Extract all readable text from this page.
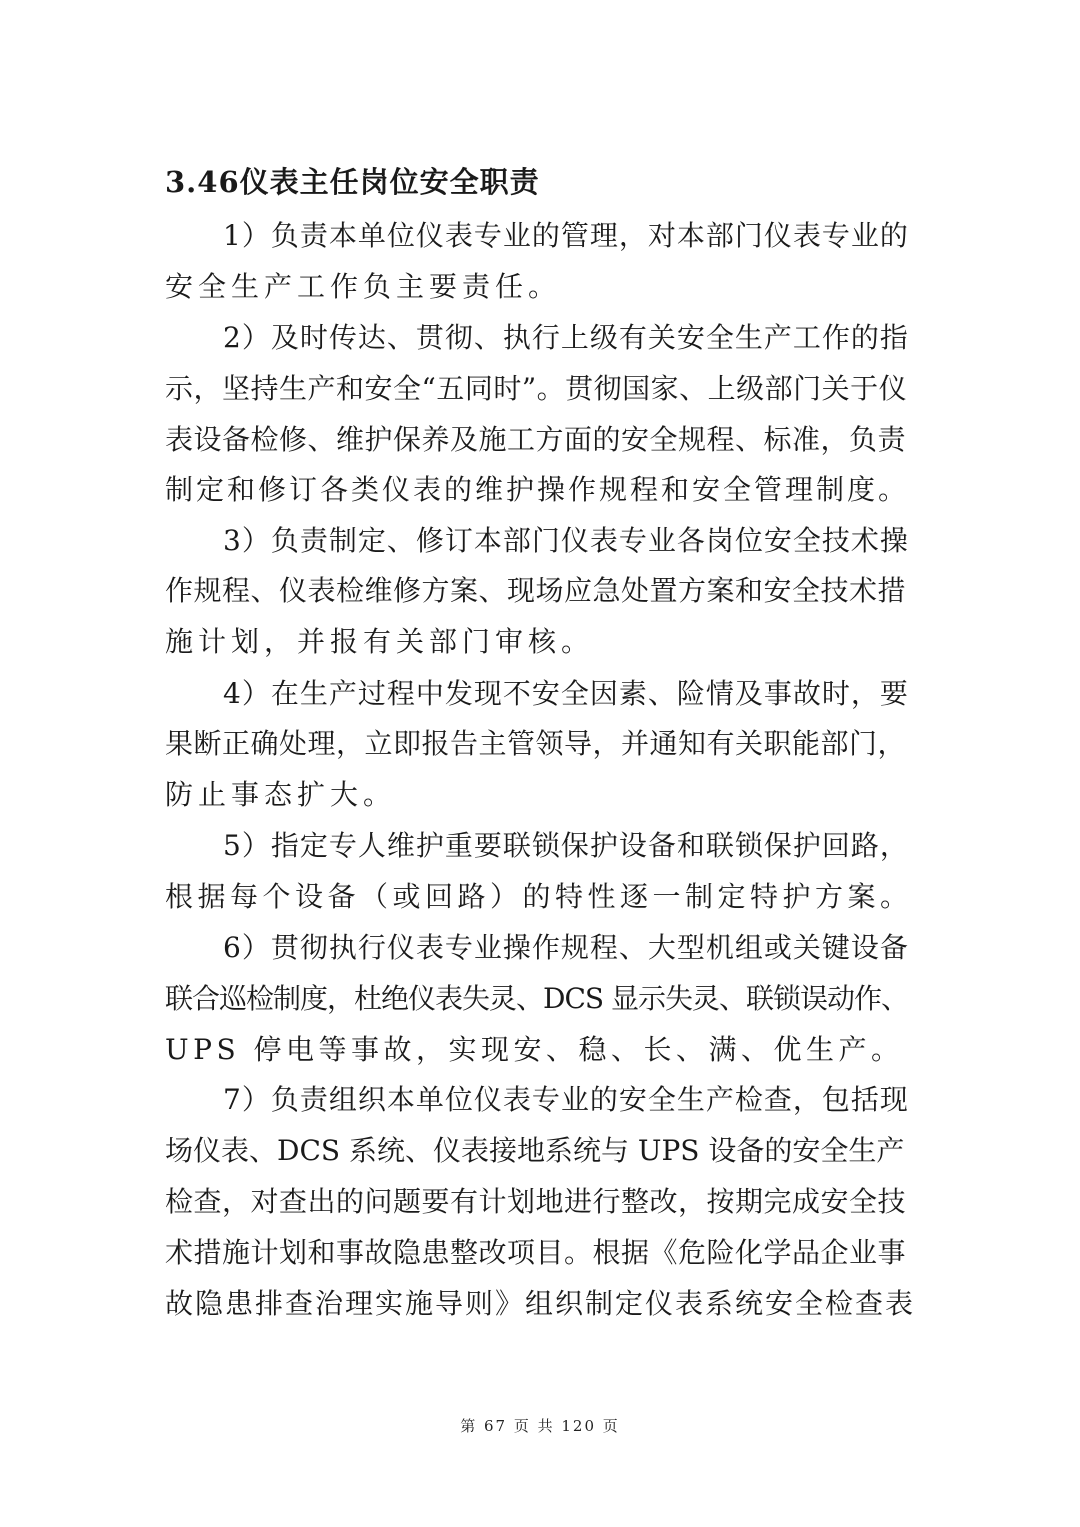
3.46仪表主任岗位安全职责
　　1）负责本单位仪表专业的管理，对本部门仪表专业的
安全生产工作负主要责任。
　　2）及时传达、贯彻、执行上级有关安全生产工作的指
示，坚持生产和安全“五同时”。贯彻国家、上级部门关于仪
表设备检修、维护保养及施工方面的安全规程、标准，负责
制定和修订各类仪表的维护操作规程和安全管理制度。
　　3）负责制定、修订本部门仪表专业各岗位安全技术操
作规程、仪表检维修方案、现场应急处置方案和安全技术措
施计划，并报有关部门审核。
　　4）在生产过程中发现不安全因素、险情及事故时，要
果断正确处理，立即报告主管领导，并通知有关职能部门，
防止事态扩大。
　　5）指定专人维护重要联锁保护设备和联锁保护回路，
根据每个设备（或回路）的特性逐一制定特护方案。
　　6）贯彻执行仪表专业操作规程、大型机组或关键设备
联合巡检制度，杜绝仪表失灵、DCS 显示失灵、联锁误动作、
UPS 停电等事故，实现安、稳、长、满、优生产。
　　7）负责组织本单位仪表专业的安全生产检查，包括现
场仪表、DCS 系统、仪表接地系统与 UPS 设备的安全生产
检查，对查出的问题要有计划地进行整改，按期完成安全技
术措施计划和事故隐患整改项目。根据《危险化学品企业事
故隐患排查治理实施导则》组织制定仪表系统安全检查表
第 67 页 共 120 页
